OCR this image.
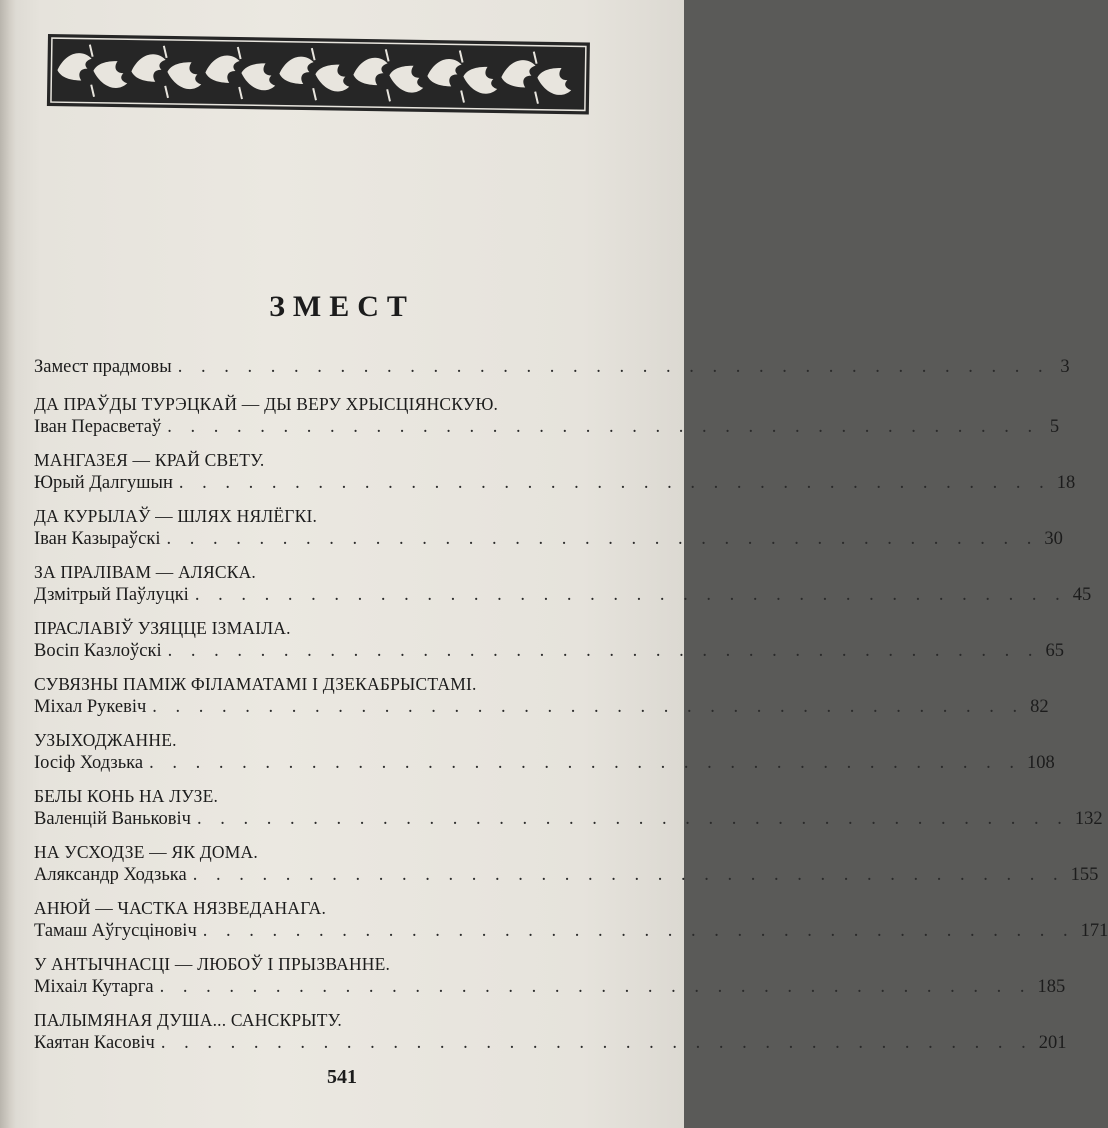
ЗМЕСТ
Замест прадмовы . . . . . . . . . . . . . . . . . . . . . . . . . . . . . . . . . . . . . . 3
ДА ПРАЎДЫ ТУРЭЦКАЙ — ДЫ ВЕРУ ХРЫСЦІЯНСКУЮ.
Іван Перасветаў . . . . . . . . . . . . . . . . . . . . . . . . . . . . . . . . . . . . . . 5
МАНГАЗЕЯ — КРАЙ СВЕТУ.
Юрый Далгушын . . . . . . . . . . . . . . . . . . . . . . . . . . . . . . . . . . . . . . 18
ДА КУРЫЛАЎ — ШЛЯХ НЯЛЁГКІ.
Іван Казыраўскі . . . . . . . . . . . . . . . . . . . . . . . . . . . . . . . . . . . . . . 30
ЗА ПРАЛІВАМ — АЛЯСКА.
Дзмітрый Паўлуцкі . . . . . . . . . . . . . . . . . . . . . . . . . . . . . . . . . . . . . . 45
ПРАСЛАВІЎ УЗЯЦЦЕ ІЗМАІЛА.
Восіп Казлоўскі . . . . . . . . . . . . . . . . . . . . . . . . . . . . . . . . . . . . . . 65
СУВЯЗНЫ ПАМІЖ ФІЛАМАТАМІ І ДЗЕКАБРЫСТАМІ.
Міхал Рукевіч . . . . . . . . . . . . . . . . . . . . . . . . . . . . . . . . . . . . . . 82
УЗЫХОДЖАННЕ.
Іосіф Ходзька . . . . . . . . . . . . . . . . . . . . . . . . . . . . . . . . . . . . . . 108
БЕЛЫ КОНЬ НА ЛУЗЕ.
Валенцій Ваньковіч . . . . . . . . . . . . . . . . . . . . . . . . . . . . . . . . . . . . . . 132
НА УСХОДЗЕ — ЯК ДОМА.
Аляксандр Ходзька . . . . . . . . . . . . . . . . . . . . . . . . . . . . . . . . . . . . . . 155
АНЮЙ — ЧАСТКА НЯЗВЕДАНАГА.
Тамаш Аўгусціновіч . . . . . . . . . . . . . . . . . . . . . . . . . . . . . . . . . . . . . . 171
У АНТЫЧНАСЦІ — ЛЮБОЎ І ПРЫЗВАННЕ.
Міхаіл Кутарга . . . . . . . . . . . . . . . . . . . . . . . . . . . . . . . . . . . . . . 185
ПАЛЫМЯНАЯ ДУША... САНСКРЫТУ.
Каятан Касовіч . . . . . . . . . . . . . . . . . . . . . . . . . . . . . . . . . . . . . . 201
541
